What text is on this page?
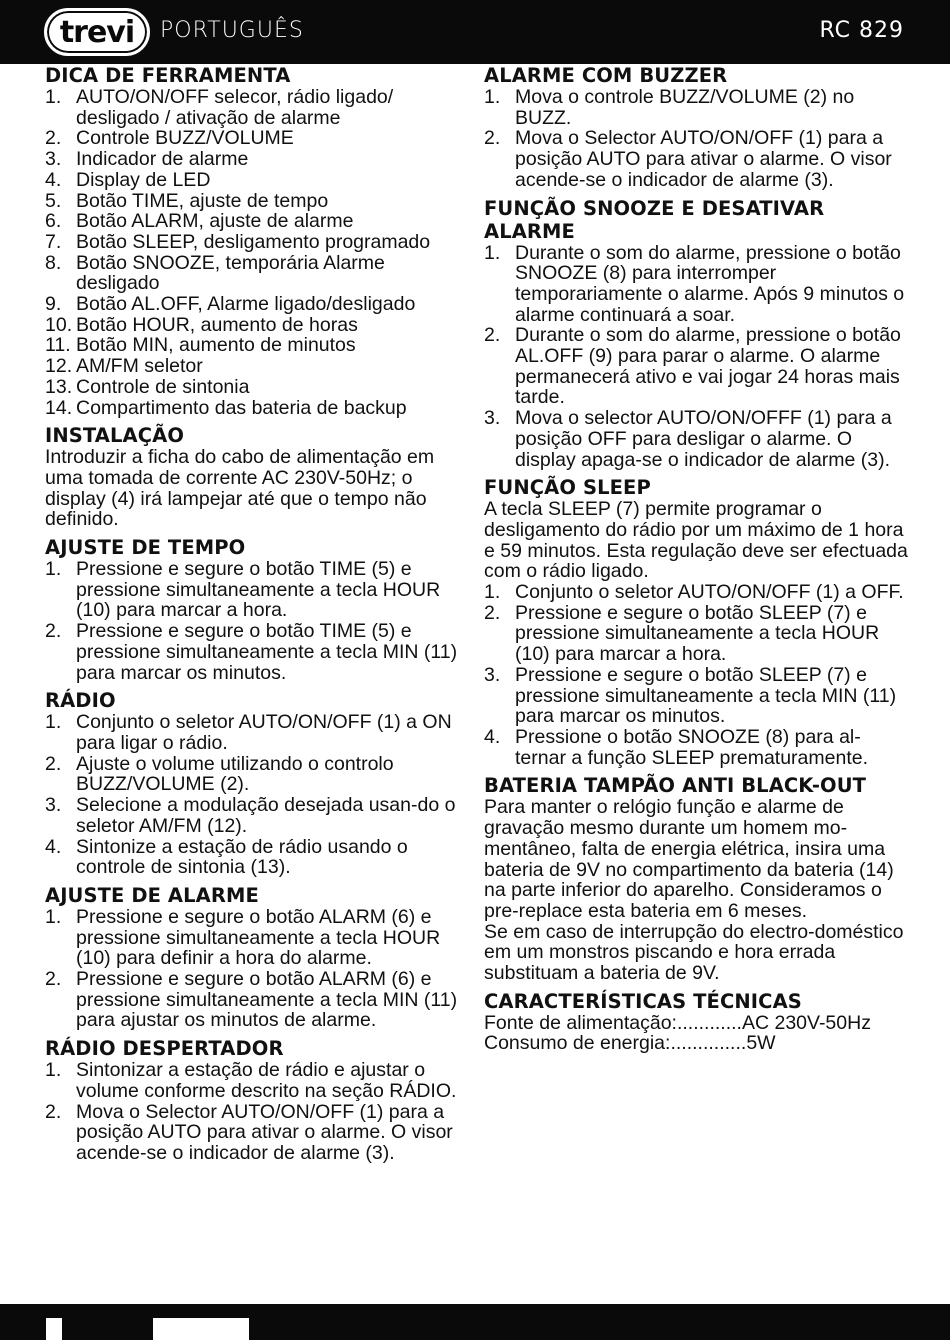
trevi	PORTUGUÊS	RC 829
DICA DE FERRAMENTA
1. AUTO/ON/OFF selecor, rádio ligado/ desligado / ativação de alarme
2. Controle BUZZ/VOLUME
3. Indicador de alarme
4. Display de LED
5. Botão TIME, ajuste de tempo
6. Botão ALARM, ajuste de alarme
7. Botão SLEEP, desligamento programado
8. Botão SNOOZE, temporária Alarme desligado
9. Botão AL.OFF, Alarme ligado/desligado
10. Botão HOUR, aumento de horas
11. Botão MIN, aumento de minutos
12. AM/FM seletor
13. Controle de sintonia
14. Compartimento das bateria de backup
INSTALAÇÃO

Introduzir a ficha do cabo de alimentação em uma tomada de corrente AC 230V-50Hz; o display (4) irá lampejar até que o tempo não definido.

AJUSTE DE TEMPO
1. Pressione e segure o botão TIME (5) e pressione simultaneamente a tecla HOUR (10) para marcar a hora.
2. Pressione e segure o botão TIME (5) e pressione simultaneamente a tecla MIN (11) para marcar os minutos.
RÁDIO
1. Conjunto o seletor AUTO/ON/OFF (1) a ON para ligar o rádio.
2. Ajuste o volume utilizando o controlo BUZZ/VOLUME (2).
3. Selecione a modulação desejada usan-do o seletor AM/FM (12).
4. Sintonize a estação de rádio usando o controle de sintonia (13).
AJUSTE DE ALARME
1. Pressione e segure o botão ALARM (6) e pressione simultaneamente a tecla HOUR (10) para definir a hora do alarme.
2. Pressione e segure o botão ALARM (6) e pressione simultaneamente a tecla MIN (11) para ajustar os minutos de alarme.
RÁDIO DESPERTADOR
1. Sintonizar a estação de rádio e ajustar o volume conforme descrito na seção RÁDIO.
2. Mova o Selector AUTO/ON/OFF (1) para a posição AUTO para ativar o alarme. O visor acende-se o indicador de alarme (3).
ALARME COM BUZZER
1. Mova o controle BUZZ/VOLUME (2) no BUZZ.
2. Mova o Selector AUTO/ON/OFF (1) para a posição AUTO para ativar o alarme. O visor acende-se o indicador de alarme (3).
FUNÇÃO SNOOZE E DESATIVAR ALARME
1. Durante o som do alarme, pressione o botão SNOOZE (8) para interromper temporariamente o alarme. Após 9 minutos o alarme continuará a soar.
2. Durante o som do alarme, pressione o botão AL.OFF (9) para parar o alarme. O alarme permanecerá ativo e vai jogar 24 horas mais tarde.
3. Mova o selector AUTO/ON/OFFF (1) para a posição OFF para desligar o alarme. O display apaga-se o indicador de alarme (3).
FUNÇÃO SLEEP

A tecla SLEEP (7) permite programar o desligamento do rádio por um máximo de 1 hora e 59 minutos. Esta regulação deve ser efectuada com o rádio ligado.

1. Conjunto o seletor AUTO/ON/OFF (1) a OFF.
2. Pressione e segure o botão SLEEP (7) e pressione simultaneamente a tecla HOUR (10) para marcar a hora.
3. Pressione e segure o botão SLEEP (7) e pressione simultaneamente a tecla MIN (11) para marcar os minutos.
4. Pressione o botão SNOOZE (8) para al-ternar a função SLEEP prematuramente.
BATERIA TAMPÃO ANTI BLACK-OUT

Para manter o relógio função e alarme de gravação mesmo durante um homem mo-mentâneo, falta de energia elétrica, insira uma bateria de 9V no compartimento da bateria (14) na parte inferior do aparelho. Consideramos o pre-replace esta bateria em 6 meses.

Se em caso de interrupção do electro-doméstico em um monstros piscando e hora errada substituam a bateria de 9V.

CARACTERÍSTICAS TÉCNICAS
Fonte de alimentação: ............ AC 230V-50Hz
Consumo de energia: .............. 5W
